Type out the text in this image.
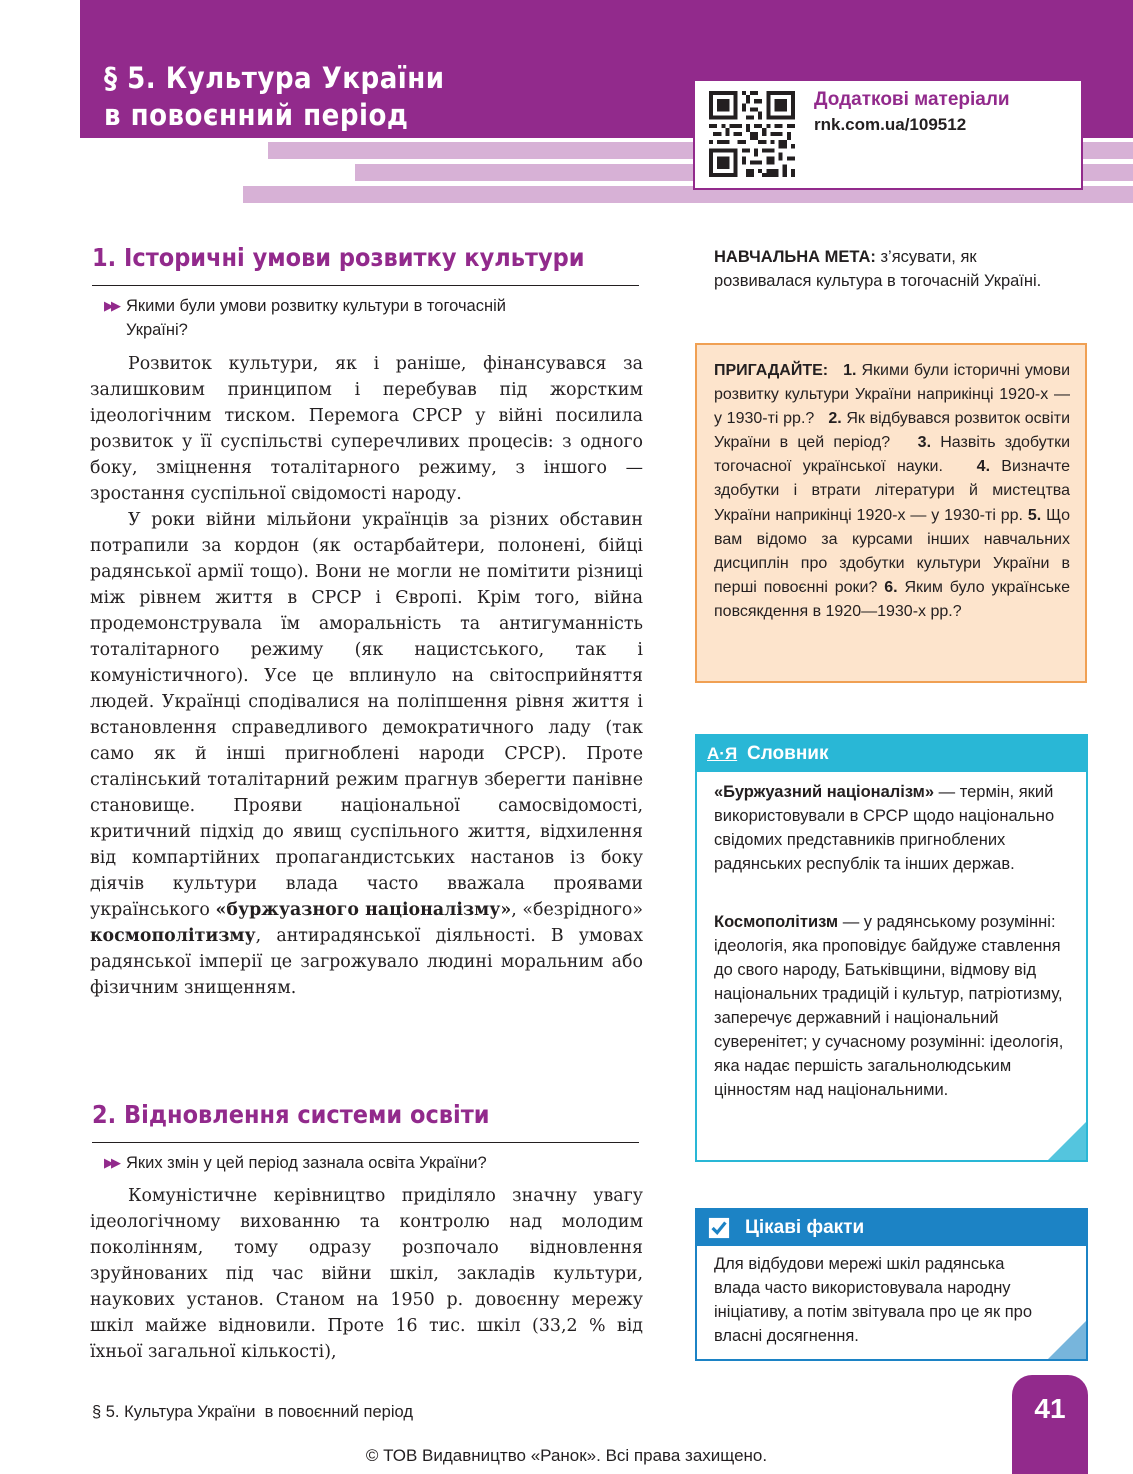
§ 5. Культура України
в повоєнний період	Додаткові матеріали
rnk.com.ua/109512
1. Історичні умови розвитку культури
▶▶ Якими були умови розвитку культури в тогочасній
Україні?

Розвиток культури, як і раніше, фінансувався за залишковим принципом і перебував під жорстким ідеологічним тиском. Перемога СРСР у війні посилила розвиток у її суспільстві суперечливих процесів: з одного боку, зміцнення тоталітарного режиму, з іншого — зростання суспільної свідомості народу.

У роки війни мільйони українців за різних обставин потрапили за кордон (як остарбайтери, полонені, бійці радянської армії тощо). Вони не могли не помітити різниці між рівнем життя в СРСР і Європі. Крім того, війна продемонструвала їм аморальність та антигуманність тоталітарного режиму (як нацистського, так і комуністичного). Усе це вплинуло на світосприйняття людей. Українці сподівалися на поліпшення рівня життя і встановлення справедливого демократичного ладу (так само як й інші пригноблені народи СРСР). Проте сталінський тоталітарний режим прагнув зберегти панівне становище. Прояви національної самосвідомості, критичний підхід до явищ суспільного життя, відхилення від компартійних пропагандистських настанов із боку діячів культури влада часто вважала проявами українського «буржуазного націоналізму», «безрідного» космополітизму, антирадянської діяльності. В умовах радянської імперії це загрожувало людині моральним або фізичним знищенням.

2. Відновлення системи освіти
▶▶ Яких змін у цей період зазнала освіта України?

Комуністичне керівництво приділяло значну увагу ідеологічному вихованню та контролю над молодим поколінням, тому одразу розпочало відновлення зруйнованих під час війни шкіл, закладів культури, наукових установ. Станом на 1950 р. довоєнну мережу шкіл майже відновили. Проте 16 тис. шкіл (33,2 % від їхньої загальної кількості),

НАВЧАЛЬНА МЕТА: з’ясувати, як розвивалася культура в тогочасній Україні.
ПРИГАДАЙТЕ: 1. Якими були історичні умови розвитку культури України наприкінці 1920-х — у 1930-ті рр.? 2. Як відбувався розвиток освіти України в цей період? 3. Назвіть здобутки тогочасної української науки. 4. Визначте здобутки і втрати літератури й мистецтва України наприкінці 1920-х — у 1930-ті рр. 5. Що вам відомо за курсами інших навчальних дисциплін про здобутки культури України в перші повоєнні роки? 6. Яким було українське повсякдення в 1920—1930-х рр.?
А·Я Словник
«Буржуазний націоналізм» — термін, який використовували в СРСР щодо національно свідомих представників пригноблених радянських республік та інших держав.
Космополітизм — у радянському розумінні: ідеологія, яка проповідує байдуже ставлення до свого народу, Батьківщини, відмову від національних традицій і культур, патріотизму, заперечує державний і національний суверенітет; у сучасному розумінні: ідеологія, яка надає першість загальнолюдським цінностям над національними.
Цікаві факти
Для відбудови мережі шкіл радянська влада часто використовувала народну ініціативу, а потім звітувала про це як про власні досягнення.
§ 5. Культура України  в повоєнний період	41
© ТОВ Видавництво «Ранок». Всі права захищено.
